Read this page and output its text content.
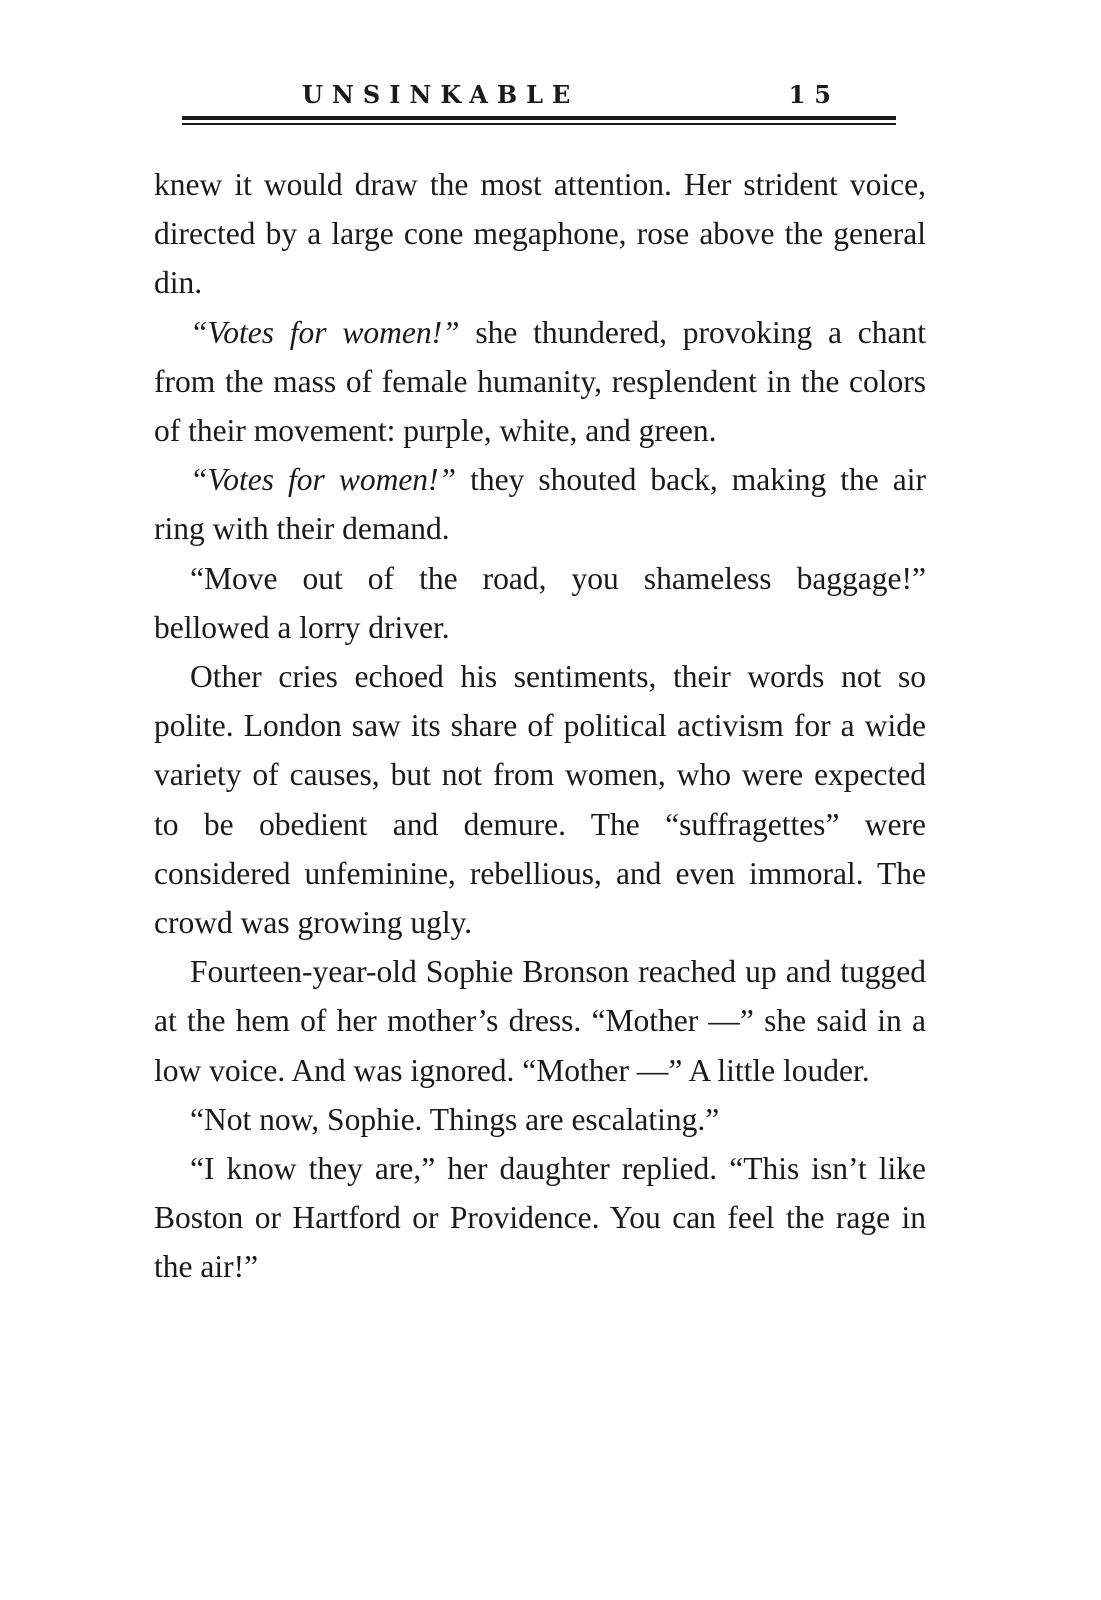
UNSINKABLE	15

knew it would draw the most attention. Her strident voice, directed by a large cone megaphone, rose above the general din.

“Votes for women!” she thundered, provoking a chant from the mass of female humanity, resplendent in the colors of their movement: purple, white, and green.

“Votes for women!” they shouted back, making the air ring with their demand.

“Move out of the road, you shameless baggage!” bellowed a lorry driver.

Other cries echoed his sentiments, their words not so polite. London saw its share of political activism for a wide variety of causes, but not from women, who were expected to be obedient and demure. The “suffragettes” were considered unfeminine, rebellious, and even immoral. The crowd was growing ugly.

Fourteen-year-old Sophie Bronson reached up and tugged at the hem of her mother’s dress. “Mother —” she said in a low voice. And was ignored. “Mother —” A little louder.

“Not now, Sophie. Things are escalating.”

“I know they are,” her daughter replied. “This isn’t like Boston or Hartford or Providence. You can feel the rage in the air!”
